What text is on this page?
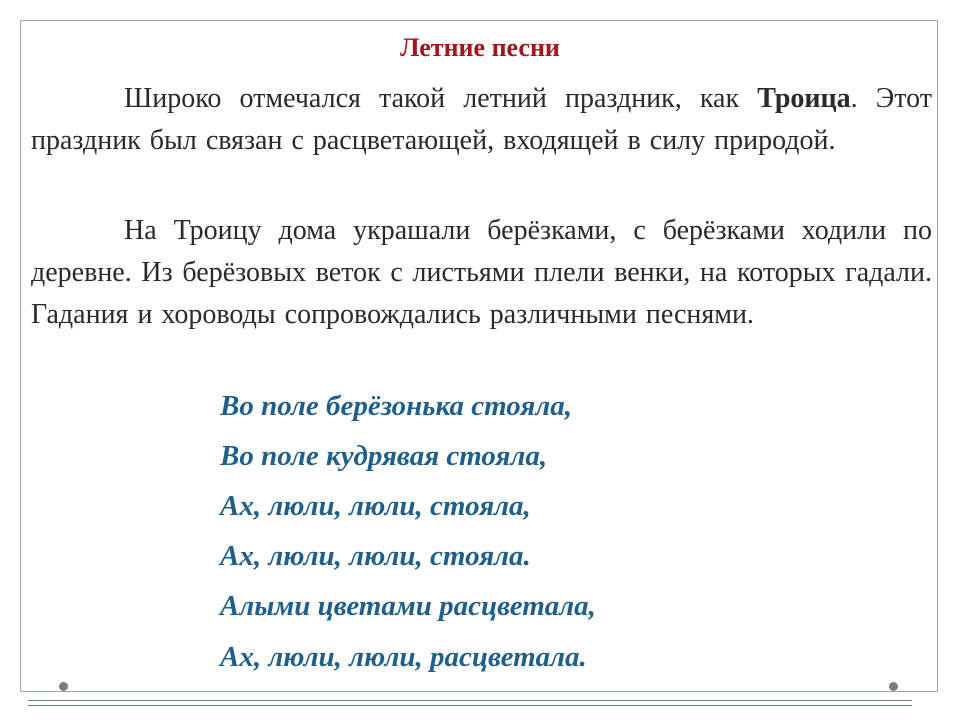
Летние песни

Широко отмечался такой летний праздник, как Троица. Этот праздник был связан с расцветающей, входящей в силу природой.

На Троицу дома украшали берёзками, с берёзками ходили по деревне. Из берёзовых веток с листьями плели венки, на которых гадали. Гадания и хороводы сопровождались различными песнями.

Во поле берёзонька стояла,

Во поле кудрявая стояла,

Ах, люли, люли, стояла,

Ах, люли, люли, стояла.

Алыми цветами расцветала,

Ах, люли, люли, расцветала.
